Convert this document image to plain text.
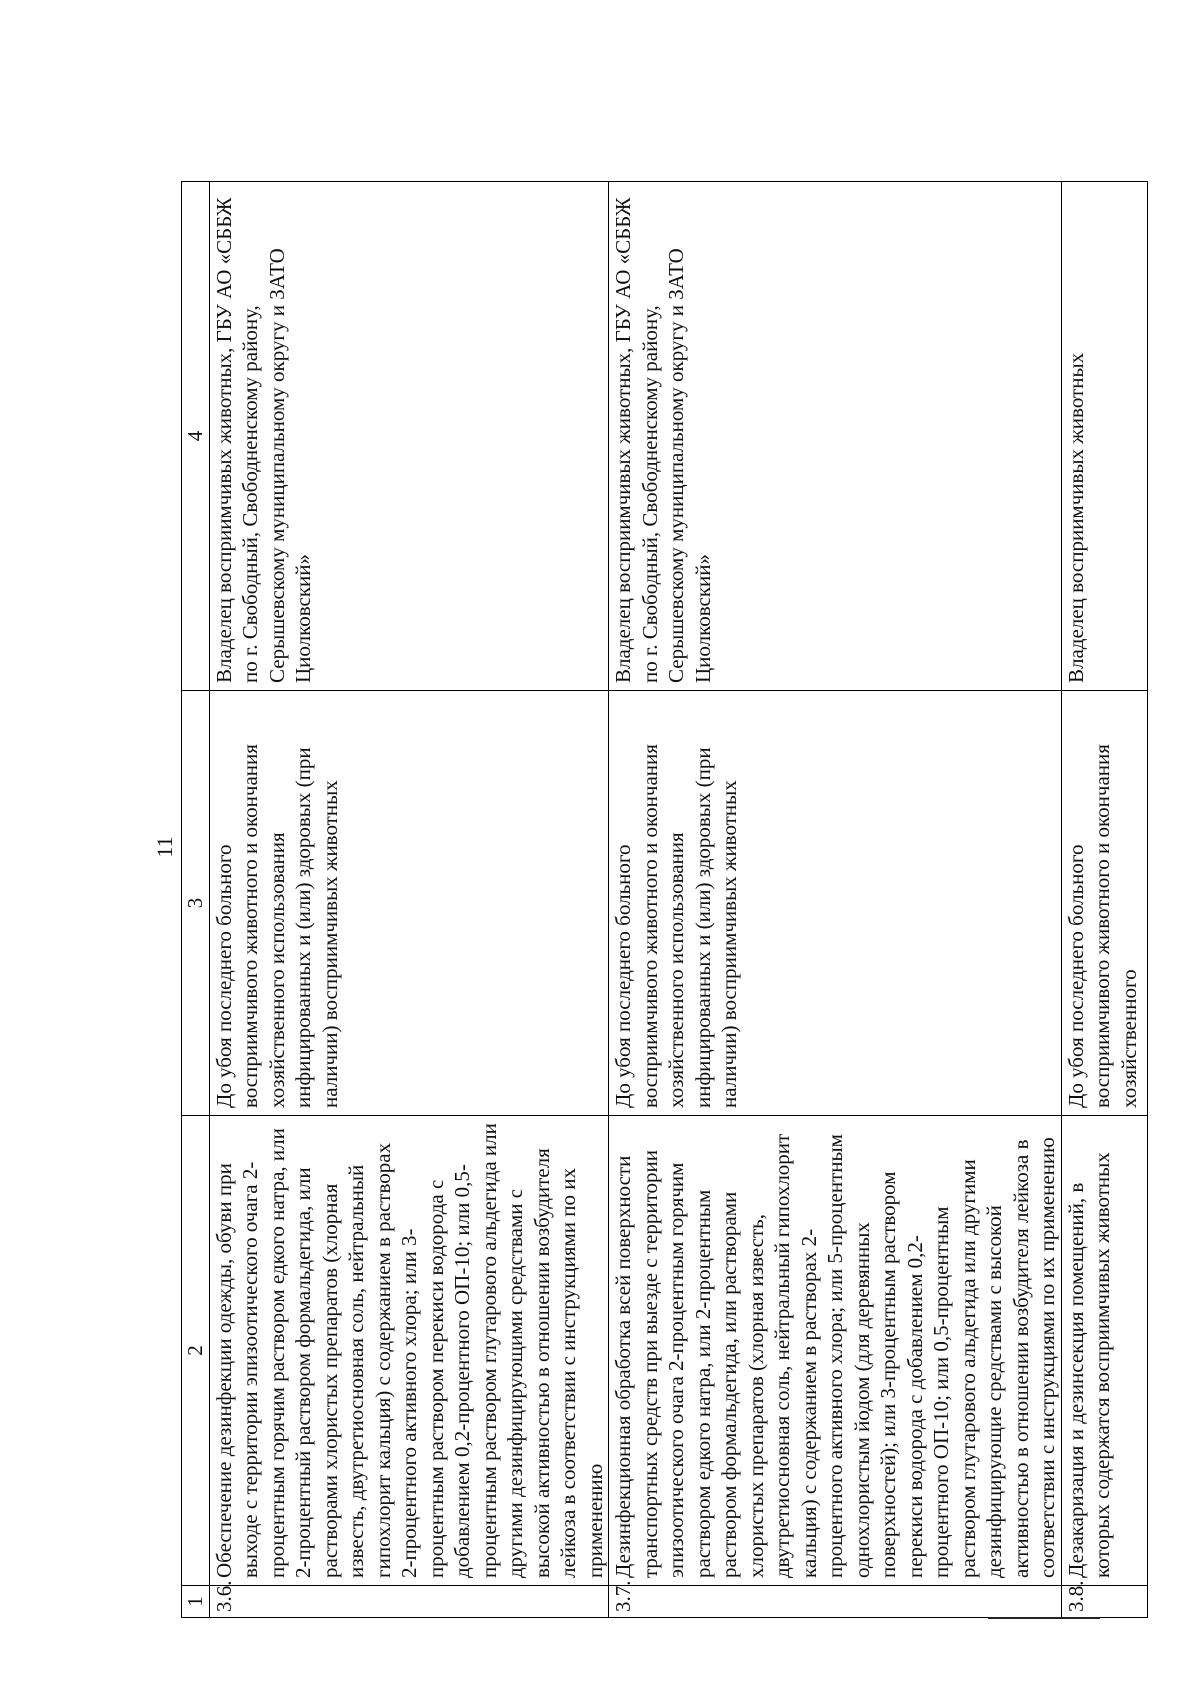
11
1	2	3	4
3.6.	Обеспечение дезинфекции одежды, обуви при выходе с территории эпизоотического очага 2-процентным горячим раствором едкого натра, или 2-процентный раствором формальдегида, или растворами хлористых препаратов (хлорная известь, двутретиосновная соль, нейтральный гипохлорит кальция) с содержанием в растворах 2-процентного активного хлора; или 3-процентным раствором перекиси водорода с добавлением 0,2-процентного ОП-10; или 0,5-процентным раствором глутарового альдегида или другими дезинфицирующими средствами с высокой активностью в отношении возбудителя лейкоза в соответствии с инструкциями по их применению	До убоя последнего больного восприимчивого животного и окончания хозяйственного использования инфицированных и (или) здоровых (при наличии) восприимчивых животных	Владелец восприимчивых животных, ГБУ АО «СББЖ по г. Свободный, Свободненскому району, Серышевскому муниципальному округу и ЗАТО Циолковский»
3.7.	Дезинфекционная обработка всей поверхности транспортных средств при выезде с территории эпизоотического очага 2-процентным горячим раствором едкого натра, или 2-процентным раствором формальдегида, или растворами хлористых препаратов (хлорная известь, двутретиосновная соль, нейтральный гипохлорит кальция) с содержанием в растворах 2-процентного активного хлора; или 5-процентным однохлористым йодом (для деревянных поверхностей); или 3-процентным раствором перекиси водорода с добавлением 0,2-процентного ОП-10; или 0,5-процентным раствором глутарового альдегида или другими дезинфицирующие средствами с высокой активностью в отношении возбудителя лейкоза в соответствии с инструкциями по их применению	До убоя последнего больного восприимчивого животного и окончания хозяйственного использования инфицированных и (или) здоровых (при наличии) восприимчивых животных	Владелец восприимчивых животных, ГБУ АО «СББЖ по г. Свободный, Свободненскому району, Серышевскому муниципальному округу и ЗАТО Циолковский»
3.8.	Дезакаризация и дезинсекция помещений, в которых содержатся восприимчивых животных	До убоя последнего больного восприимчивого животного и окончания хозяйственного	Владелец восприимчивых животных
